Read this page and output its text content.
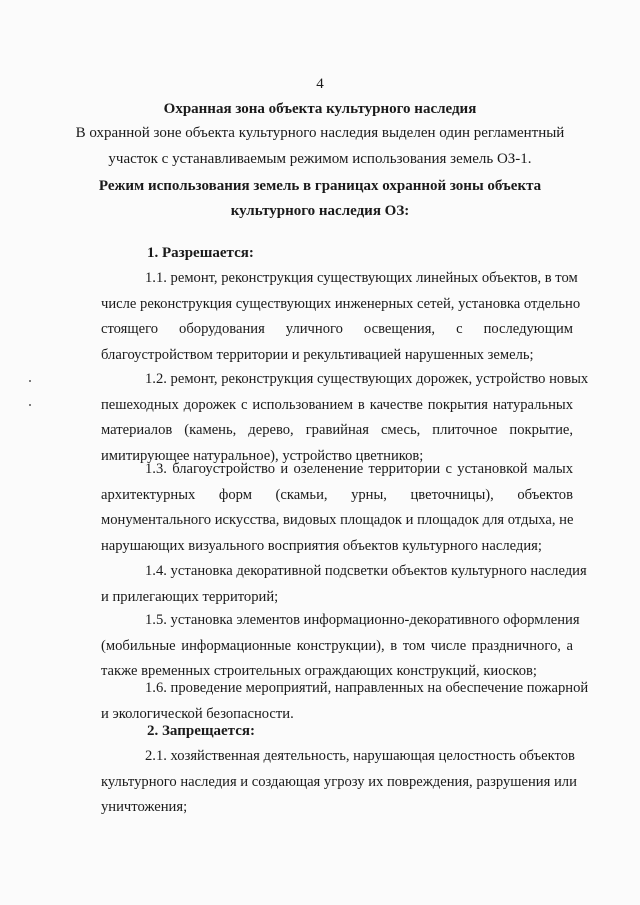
4
Охранная зона объекта культурного наследия
В охранной зоне объекта культурного наследия выделен один регламентный
участок с устанавливаемым режимом использования земель ОЗ-1.
Режим использования земель в границах охранной зоны объекта
культурного наследия ОЗ:
1. Разрешается:
1.1. ремонт, реконструкция существующих линейных объектов, в том
числе реконструкция существующих инженерных сетей, установка отдельно
стоящего оборудования уличного освещения, с последующим
благоустройством территории и рекультивацией нарушенных земель;
1.2. ремонт, реконструкция существующих дорожек, устройство новых
пешеходных дорожек с использованием в качестве покрытия натуральных
материалов (камень, дерево, гравийная смесь, плиточное покрытие,
имитирующее натуральное), устройство цветников;
1.3. благоустройство и озеленение территории с установкой малых
архитектурных форм (скамьи, урны, цветочницы), объектов
монументального искусства, видовых площадок и площадок для отдыха, не
нарушающих визуального восприятия объектов культурного наследия;
1.4. установка декоративной подсветки объектов культурного наследия
и прилегающих территорий;
1.5. установка элементов информационно-декоративного оформления
(мобильные информационные конструкции), в том числе праздничного, а
также временных строительных ограждающих конструкций, киосков;
1.6. проведение мероприятий, направленных на обеспечение пожарной
и экологической безопасности.
2. Запрещается:
2.1. хозяйственная деятельность, нарушающая целостность объектов
культурного наследия и создающая угрозу их повреждения, разрушения или
уничтожения;
